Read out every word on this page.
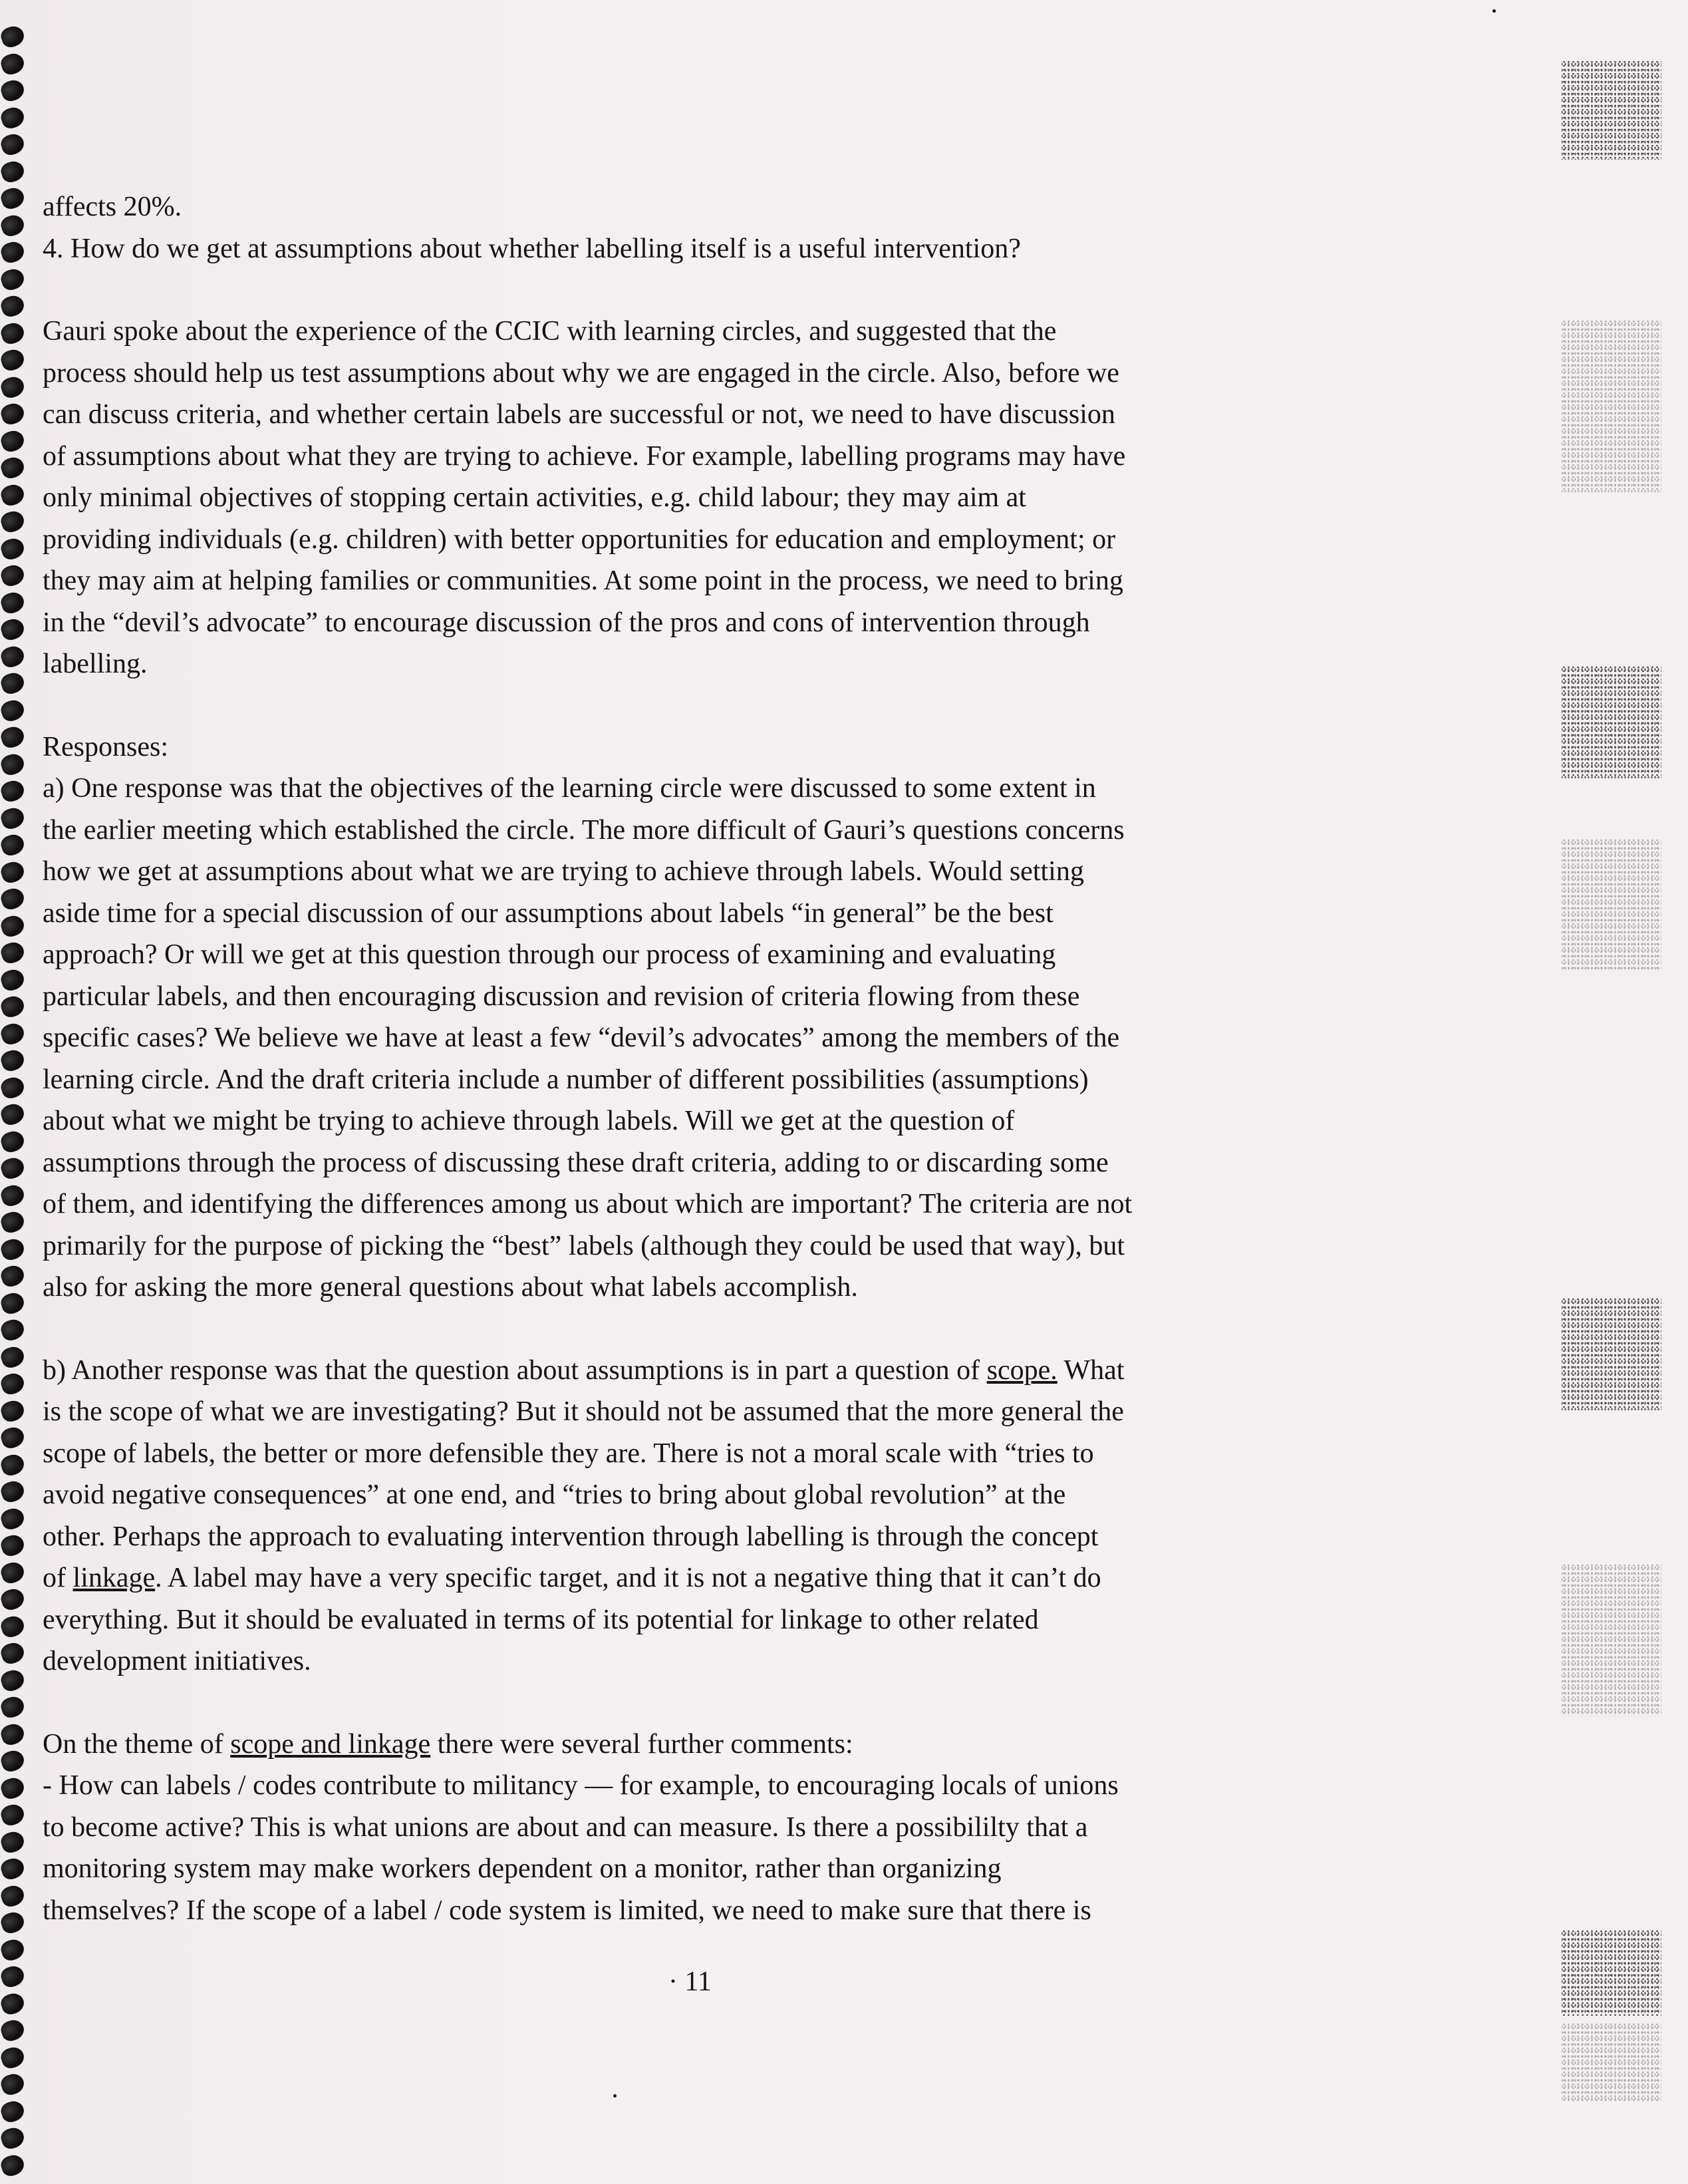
affects 20%.

4. How do we get at assumptions about whether labelling itself is a useful intervention?

Gauri spoke about the experience of the CCIC with learning circles, and suggested that the

process should help us test assumptions about why we are engaged in the circle. Also, before we

can discuss criteria, and whether certain labels are successful or not, we need to have discussion

of assumptions about what they are trying to achieve. For example, labelling programs may have

only minimal objectives of stopping certain activities, e.g. child labour; they may aim at

providing individuals (e.g. children) with better opportunities for education and employment; or

they may aim at helping families or communities. At some point in the process, we need to bring

in the “devil’s advocate” to encourage discussion of the pros and cons of intervention through

labelling.

Responses:

a) One response was that the objectives of the learning circle were discussed to some extent in

the earlier meeting which established the circle. The more difficult of Gauri’s questions concerns

how we get at assumptions about what we are trying to achieve through labels. Would setting

aside time for a special discussion of our assumptions about labels “in general” be the best

approach? Or will we get at this question through our process of examining and evaluating

particular labels, and then encouraging discussion and revision of criteria flowing from these

specific cases? We believe we have at least a few “devil’s advocates” among the members of the

learning circle. And the draft criteria include a number of different possibilities (assumptions)

about what we might be trying to achieve through labels. Will we get at the question of

assumptions through the process of discussing these draft criteria, adding to or discarding some

of them, and identifying the differences among us about which are important? The criteria are not

primarily for the purpose of picking the “best” labels (although they could be used that way), but

also for asking the more general questions about what labels accomplish.

b) Another response was that the question about assumptions is in part a question of scope. What

is the scope of what we are investigating? But it should not be assumed that the more general the

scope of labels, the better or more defensible they are. There is not a moral scale with “tries to

avoid negative consequences” at one end, and “tries to bring about global revolution” at the

other. Perhaps the approach to evaluating intervention through labelling is through the concept

of linkage. A label may have a very specific target, and it is not a negative thing that it can’t do

everything. But it should be evaluated in terms of its potential for linkage to other related

development initiatives.

On the theme of scope and linkage there were several further comments:

- How can labels / codes contribute to militancy — for example, to encouraging locals of unions

to become active? This is what unions are about and can measure. Is there a possibililty that a

monitoring system may make workers dependent on a monitor, rather than organizing

themselves? If the scope of a label / code system is limited, we need to make sure that there is

· 11
